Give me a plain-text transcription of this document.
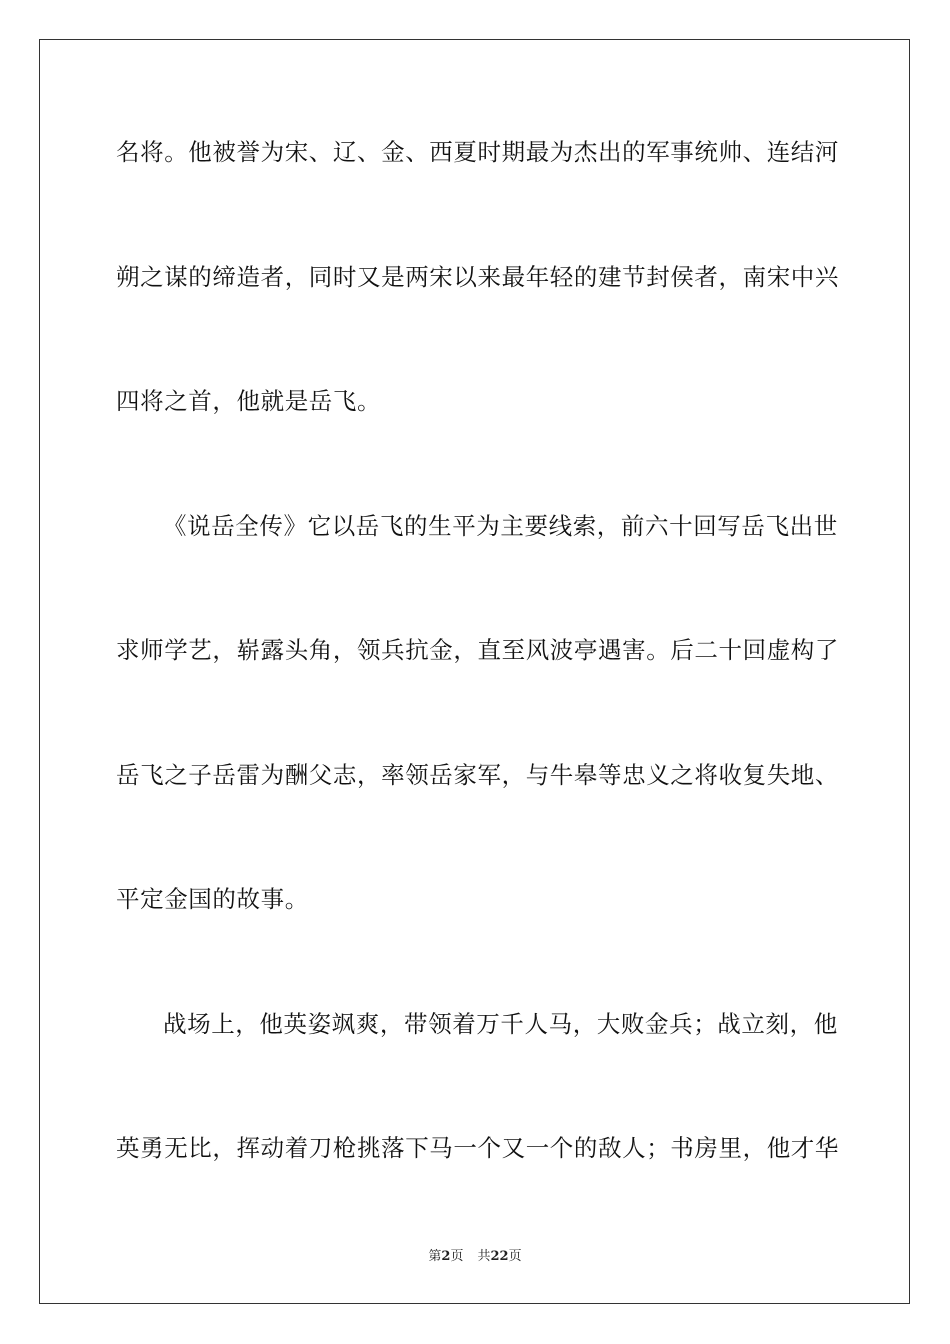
名将。他被誉为宋、辽、金、西夏时期最为杰出的军事统帅、连结河
朔之谋的缔造者，同时又是两宋以来最年轻的建节封侯者，南宋中兴
四将之首，他就是岳飞。
《说岳全传》它以岳飞的生平为主要线索，前六十回写岳飞出世
求师学艺，崭露头角，领兵抗金，直至风波亭遇害。后二十回虚构了
岳飞之子岳雷为酬父志，率领岳家军，与牛皋等忠义之将收复失地、
平定金国的故事。
战场上，他英姿飒爽，带领着万千人马，大败金兵；战立刻，他
英勇无比，挥动着刀枪挑落下马一个又一个的敌人；书房里，他才华
第2页 共22页
